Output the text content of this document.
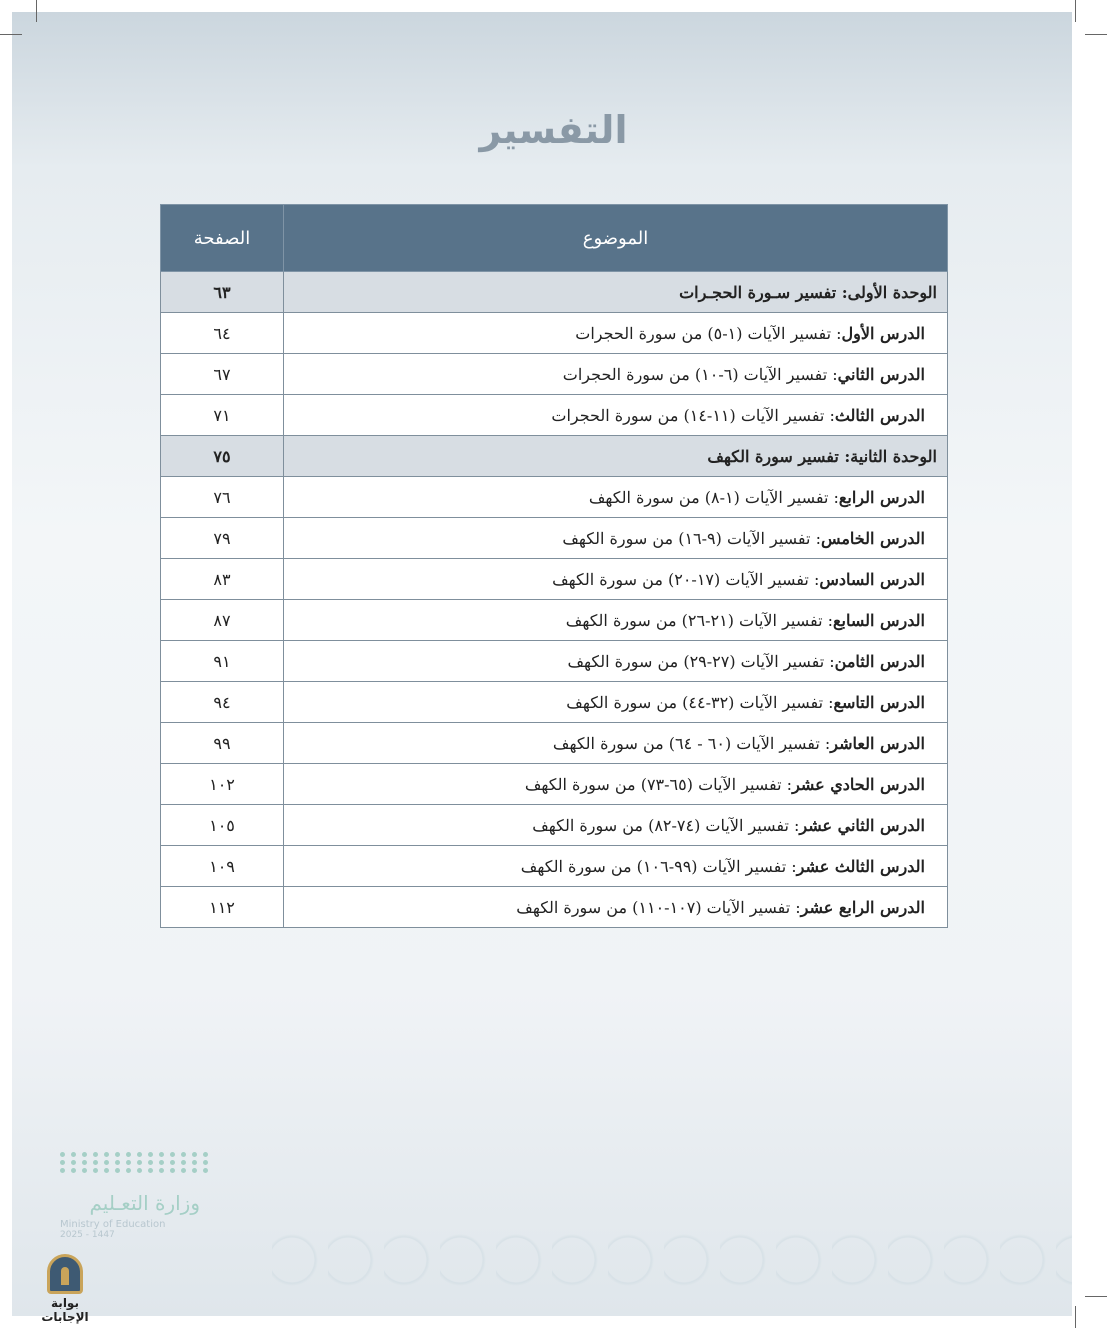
التفسير
الموضوع	الصفحة
الوحدة الأولى: تفسير سـورة الحجـرات	٦٣
الدرس الأول: تفسير الآيات (١-٥) من سورة الحجرات	٦٤
الدرس الثاني: تفسير الآيات (٦-١٠) من سورة الحجرات	٦٧
الدرس الثالث: تفسير الآيات (١١-١٤) من سورة الحجرات	٧١
الوحدة الثانية: تفسير سورة الكهف	٧٥
الدرس الرابع: تفسير الآيات (١-٨) من سورة الكهف	٧٦
الدرس الخامس: تفسير الآيات (٩-١٦) من سورة الكهف	٧٩
الدرس السادس: تفسير الآيات (١٧-٢٠) من سورة الكهف	٨٣
الدرس السابع: تفسير الآيات (٢١-٢٦) من سورة الكهف	٨٧
الدرس الثامن: تفسير الآيات (٢٧-٢٩) من سورة الكهف	٩١
الدرس التاسع: تفسير الآيات (٣٢-٤٤) من سورة الكهف	٩٤
الدرس العاشر: تفسير الآيات (٦٠ - ٦٤) من سورة الكهف	٩٩
الدرس الحادي عشر: تفسير الآيات (٦٥-٧٣) من سورة الكهف	١٠٢
الدرس الثاني عشر: تفسير الآيات (٧٤-٨٢) من سورة الكهف	١٠٥
الدرس الثالث عشر: تفسير الآيات (٩٩-١٠٦) من سورة الكهف	١٠٩
الدرس الرابع عشر: تفسير الآيات (١٠٧-١١٠) من سورة الكهف	١١٢
وزارة التعـليم
Ministry of Education
2025 - 1447
بوابة الإجابات
